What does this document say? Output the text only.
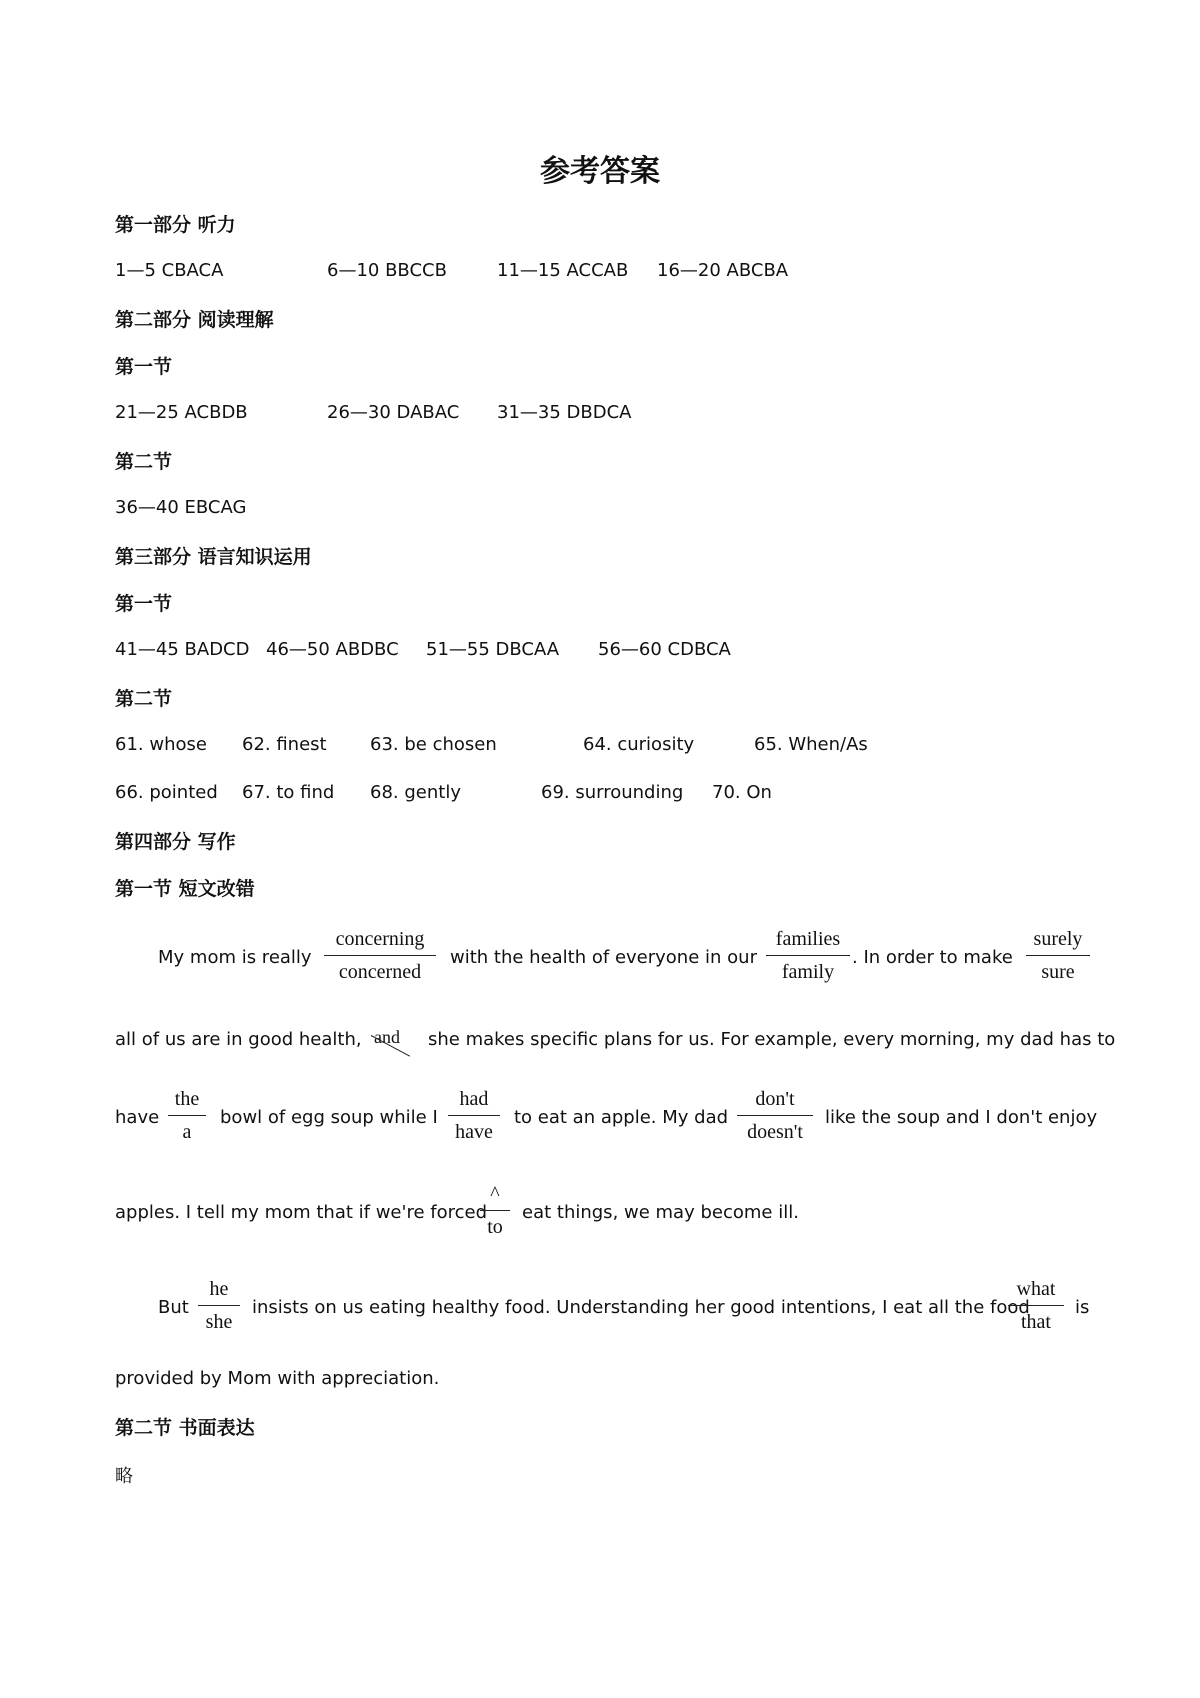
参考答案
第一部分 听力
1—5 CBACA	6—10 BBCCB	11—15 ACCAB 16—20 ABCBA
第二部分 阅读理解
第一节
21—25 ACBDB	26—30 DABAC 31—35 DBDCA
第二节
36—40 EBCAG
第三部分 语言知识运用
第一节
41—45 BADCD 46—50 ABDBC 51—55 DBCAA 56—60 CDBCA
第二节
61. whose 62. finest 63. be chosen	64. curiosity	65. When/As
66. pointed 67. to find 68. gently	69. surrounding 70. On
第四部分 写作
第一节 短文改错
My mom is really
concerning
concerned
with the health of everyone in our
families
family
. In order to make
surely
sure
all of us are in good health, and she makes specific plans for us. For example, every morning, my dad has to
have
the
a
bowl of egg soup while I
had
have
to eat an apple. My dad
don't
doesn't
like the soup and I don't enjoy
apples. I tell my mom that if we're forced
^
to
eat things, we may become ill.
But
he
she
insists on us eating healthy food. Understanding her good intentions, I eat all the food
what
that
is
provided by Mom with appreciation.
第二节 书面表达
略
